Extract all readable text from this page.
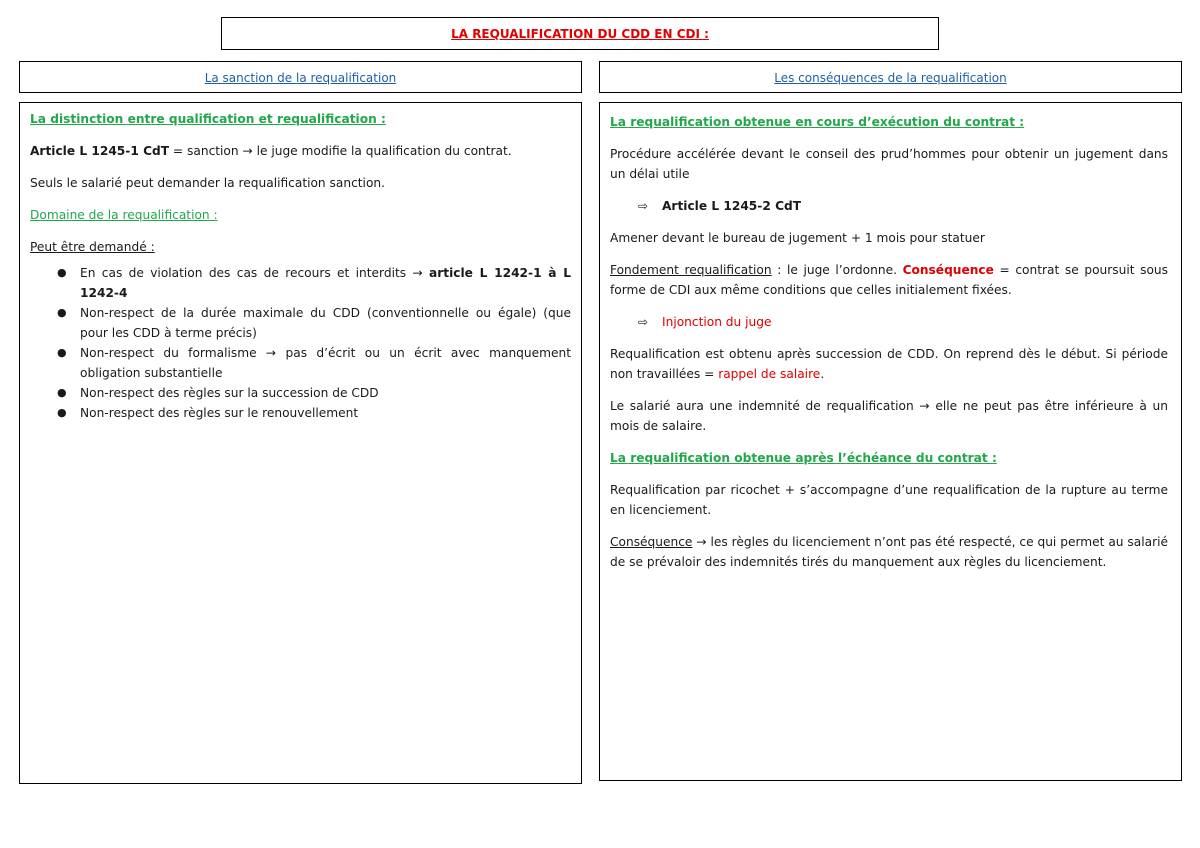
LA REQUALIFICATION DU CDD EN CDI :
La sanction de la requalification	Les conséquences de la requalification

La distinction entre qualification et requalification :

Article L 1245-1 CdT = sanction → le juge modifie la qualification du contrat.

Seuls le salarié peut demander la requalification sanction.

Domaine de la requalification :

Peut être demandé :

● En cas de violation des cas de recours et interdits → article L 1242-1 à L 1242-4
● Non-respect de la durée maximale du CDD (conventionnelle ou égale) (que pour les CDD à terme précis)
● Non-respect du formalisme → pas d’écrit ou un écrit avec manquement obligation substantielle
● Non-respect des règles sur la succession de CDD
● Non-respect des règles sur le renouvellement

La requalification obtenue en cours d’exécution du contrat :

Procédure accélérée devant le conseil des prud’hommes pour obtenir un jugement dans un délai utile

⇨ Article L 1245-2 CdT

Amener devant le bureau de jugement + 1 mois pour statuer

Fondement requalification : le juge l’ordonne. Conséquence = contrat se poursuit sous forme de CDI aux même conditions que celles initialement fixées.

⇨ Injonction du juge

Requalification est obtenu après succession de CDD. On reprend dès le début. Si période non travaillées = rappel de salaire.

Le salarié aura une indemnité de requalification → elle ne peut pas être inférieure à un mois de salaire.

La requalification obtenue après l’échéance du contrat :

Requalification par ricochet + s’accompagne d’une requalification de la rupture au terme en licenciement.

Conséquence → les règles du licenciement n’ont pas été respecté, ce qui permet au salarié de se prévaloir des indemnités tirés du manquement aux règles du licenciement.
